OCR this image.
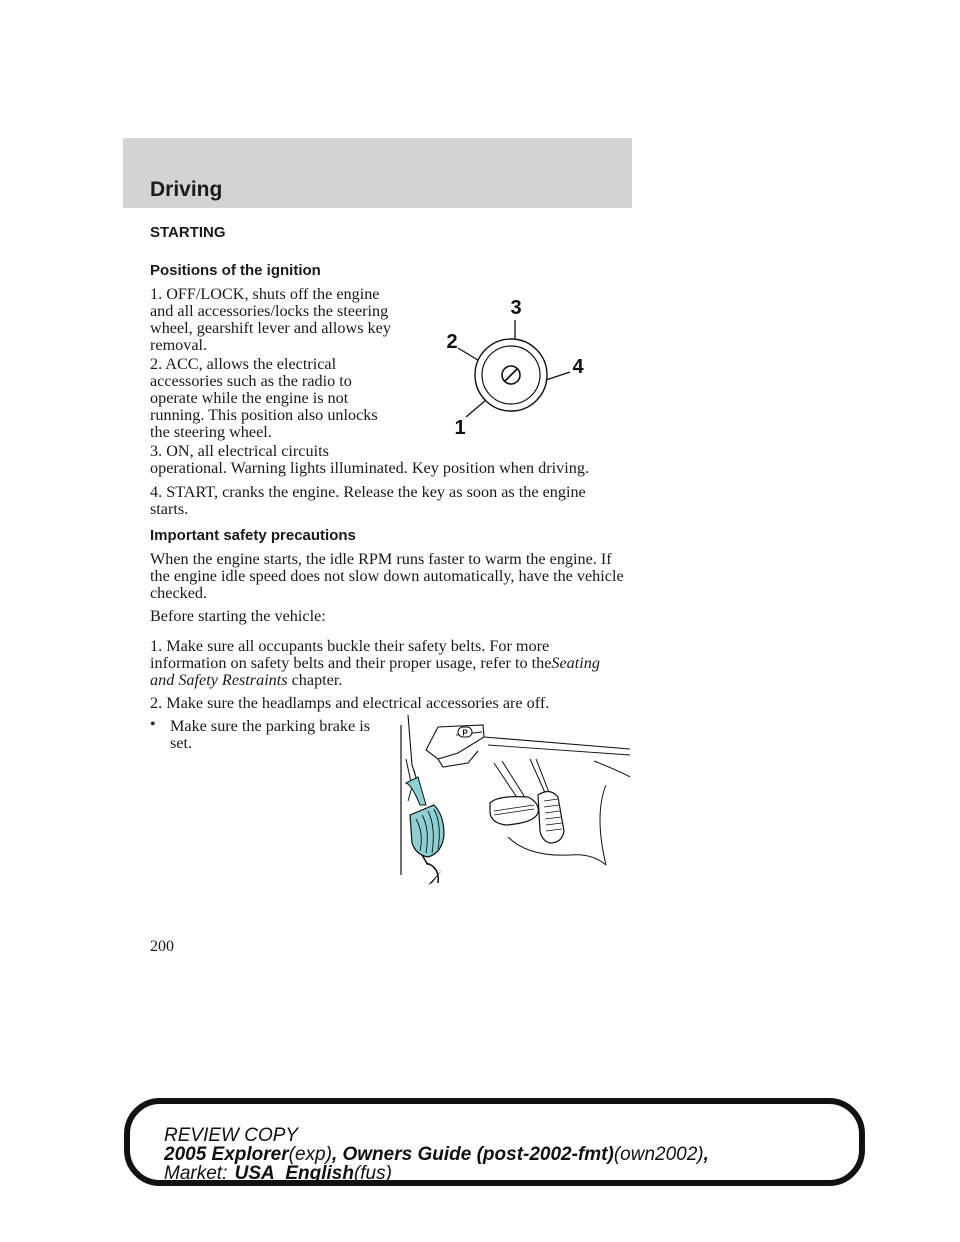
Driving
STARTING
Positions of the ignition
1. OFF/LOCK, shuts off the engine
and all accessories/locks the steering
wheel, gearshift lever and allows key
removal.
2. ACC, allows the electrical
accessories such as the radio to
operate while the engine is not
running. This position also unlocks
the steering wheel.
3. ON, all electrical circuits
operational. Warning lights illuminated. Key position when driving.
4. START, cranks the engine. Release the key as soon as the engine
starts.
3
2
4
1
Important safety precautions
When the engine starts, the idle RPM runs faster to warm the engine. If
the engine idle speed does not slow down automatically, have the vehicle
checked.
Before starting the vehicle:
1. Make sure all occupants buckle their safety belts. For more
information on safety belts and their proper usage, refer to theSeating
and Safety Restraints chapter.
2. Make sure the headlamps and electrical accessories are off.
• Make sure the parking brake is
set.
P
200
REVIEW COPY
2005 Explorer(exp), Owners Guide (post-2002-fmt)(own2002),
Market: USA_English(fus)
